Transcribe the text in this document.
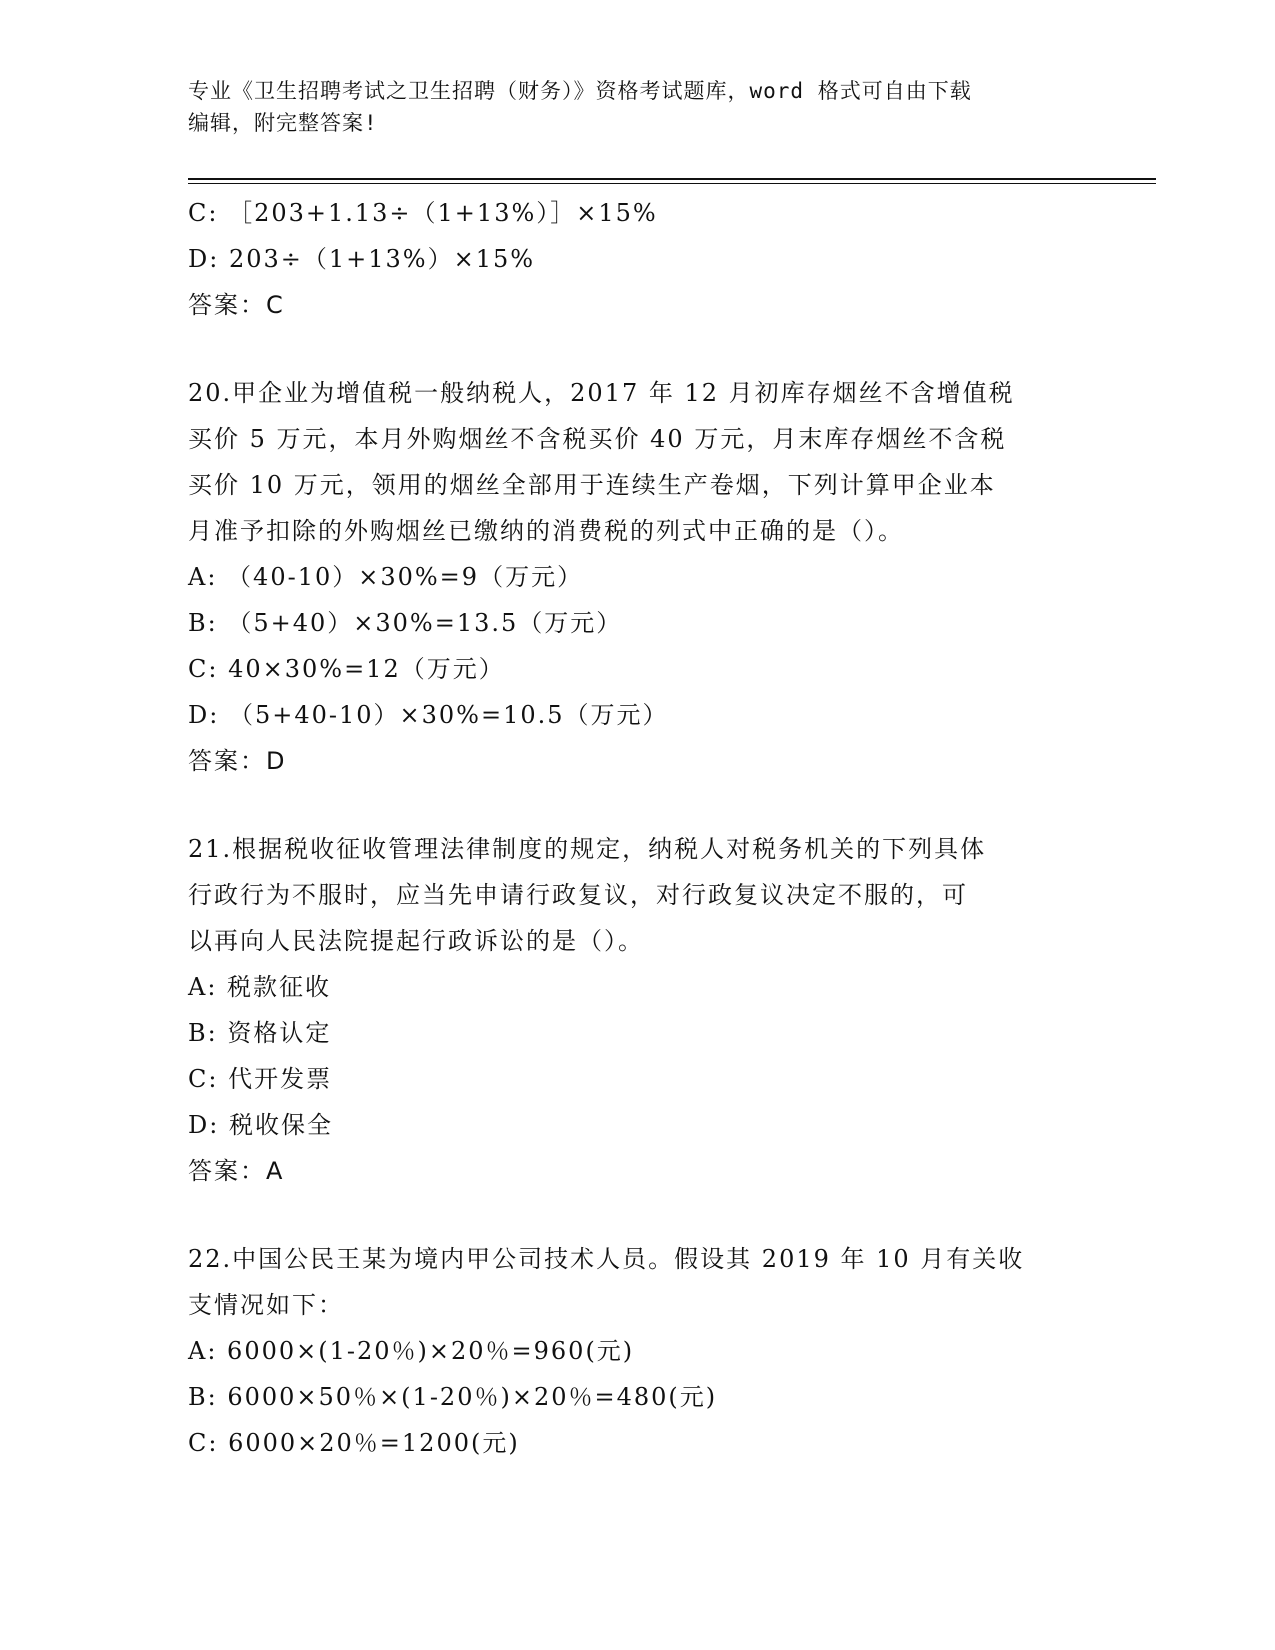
专业《卫生招聘考试之卫生招聘（财务）》资格考试题库，word 格式可自由下载
编辑，附完整答案!
C: ［203+1.13÷（1+13%）］×15%
D: 203÷（1+13%）×15%
答案：C
20.甲企业为增值税一般纳税人，2017 年 12 月初库存烟丝不含增值税
买价 5 万元，本月外购烟丝不含税买价 40 万元，月末库存烟丝不含税
买价 10 万元，领用的烟丝全部用于连续生产卷烟，下列计算甲企业本
月准予扣除的外购烟丝已缴纳的消费税的列式中正确的是（）。
A: （40-10）×30%=9（万元）
B: （5+40）×30%=13.5（万元）
C: 40×30%=12（万元）
D: （5+40-10）×30%=10.5（万元）
答案：D
21.根据税收征收管理法律制度的规定，纳税人对税务机关的下列具体
行政行为不服时，应当先申请行政复议，对行政复议决定不服的，可
以再向人民法院提起行政诉讼的是（）。
A: 税款征收
B: 资格认定
C: 代开发票
D: 税收保全
答案：A
22.中国公民王某为境内甲公司技术人员。假设其 2019 年 10 月有关收
支情况如下：
A: 6000×(1-20％)×20％=960(元)
B: 6000×50％×(1-20％)×20％=480(元)
C: 6000×20％=1200(元)
